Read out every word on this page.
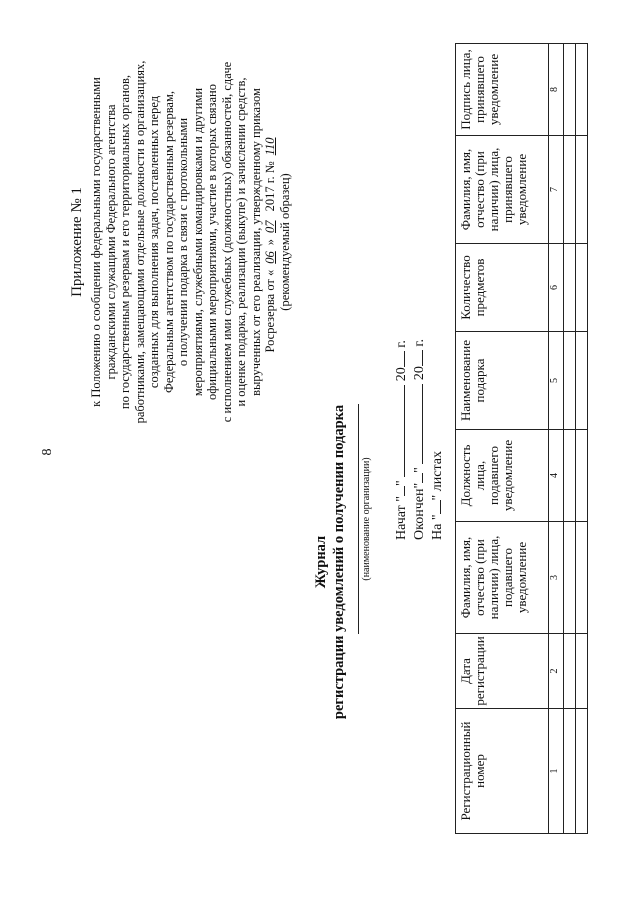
8
Приложение № 1 к Положению о сообщении федеральными государственными гражданскими служащими Федерального агентства по государственным резервам и его территориальных органов, работниками, замещающими отдельные должности в организациях, созданных для выполнения задач, поставленных перед Федеральным агентством по государственным резервам, о получении подарка в связи с протокольными мероприятиями, служебными командировками и другими официальными мероприятиями, участие в которых связано с исполнением ими служебных (должностных) обязанностей, сдаче и оценке подарка, реализации (выкупе) и зачислении средств, вырученных от его реализации, утвержденному приказом Росрезерва от «06»07 2017 г. №110
(рекомендуемый образец)
Журнал регистрации уведомлений о получении подарка	(наименование организации) Начат ""  20 г.
Окончен""  20 г.
На "" листах
Регистрационный номер	Дата регистрации	Фамилия, имя, отчество (при наличии) лица, подавшего уведомление	Должность лица, подавшего уведомление	Наименование подарка	Количество предметов	Фамилия, имя, отчество (при наличии) лица, принявшего уведомление	Подпись лица, принявшего уведомление
1	2	3	4	5	6	7	8
